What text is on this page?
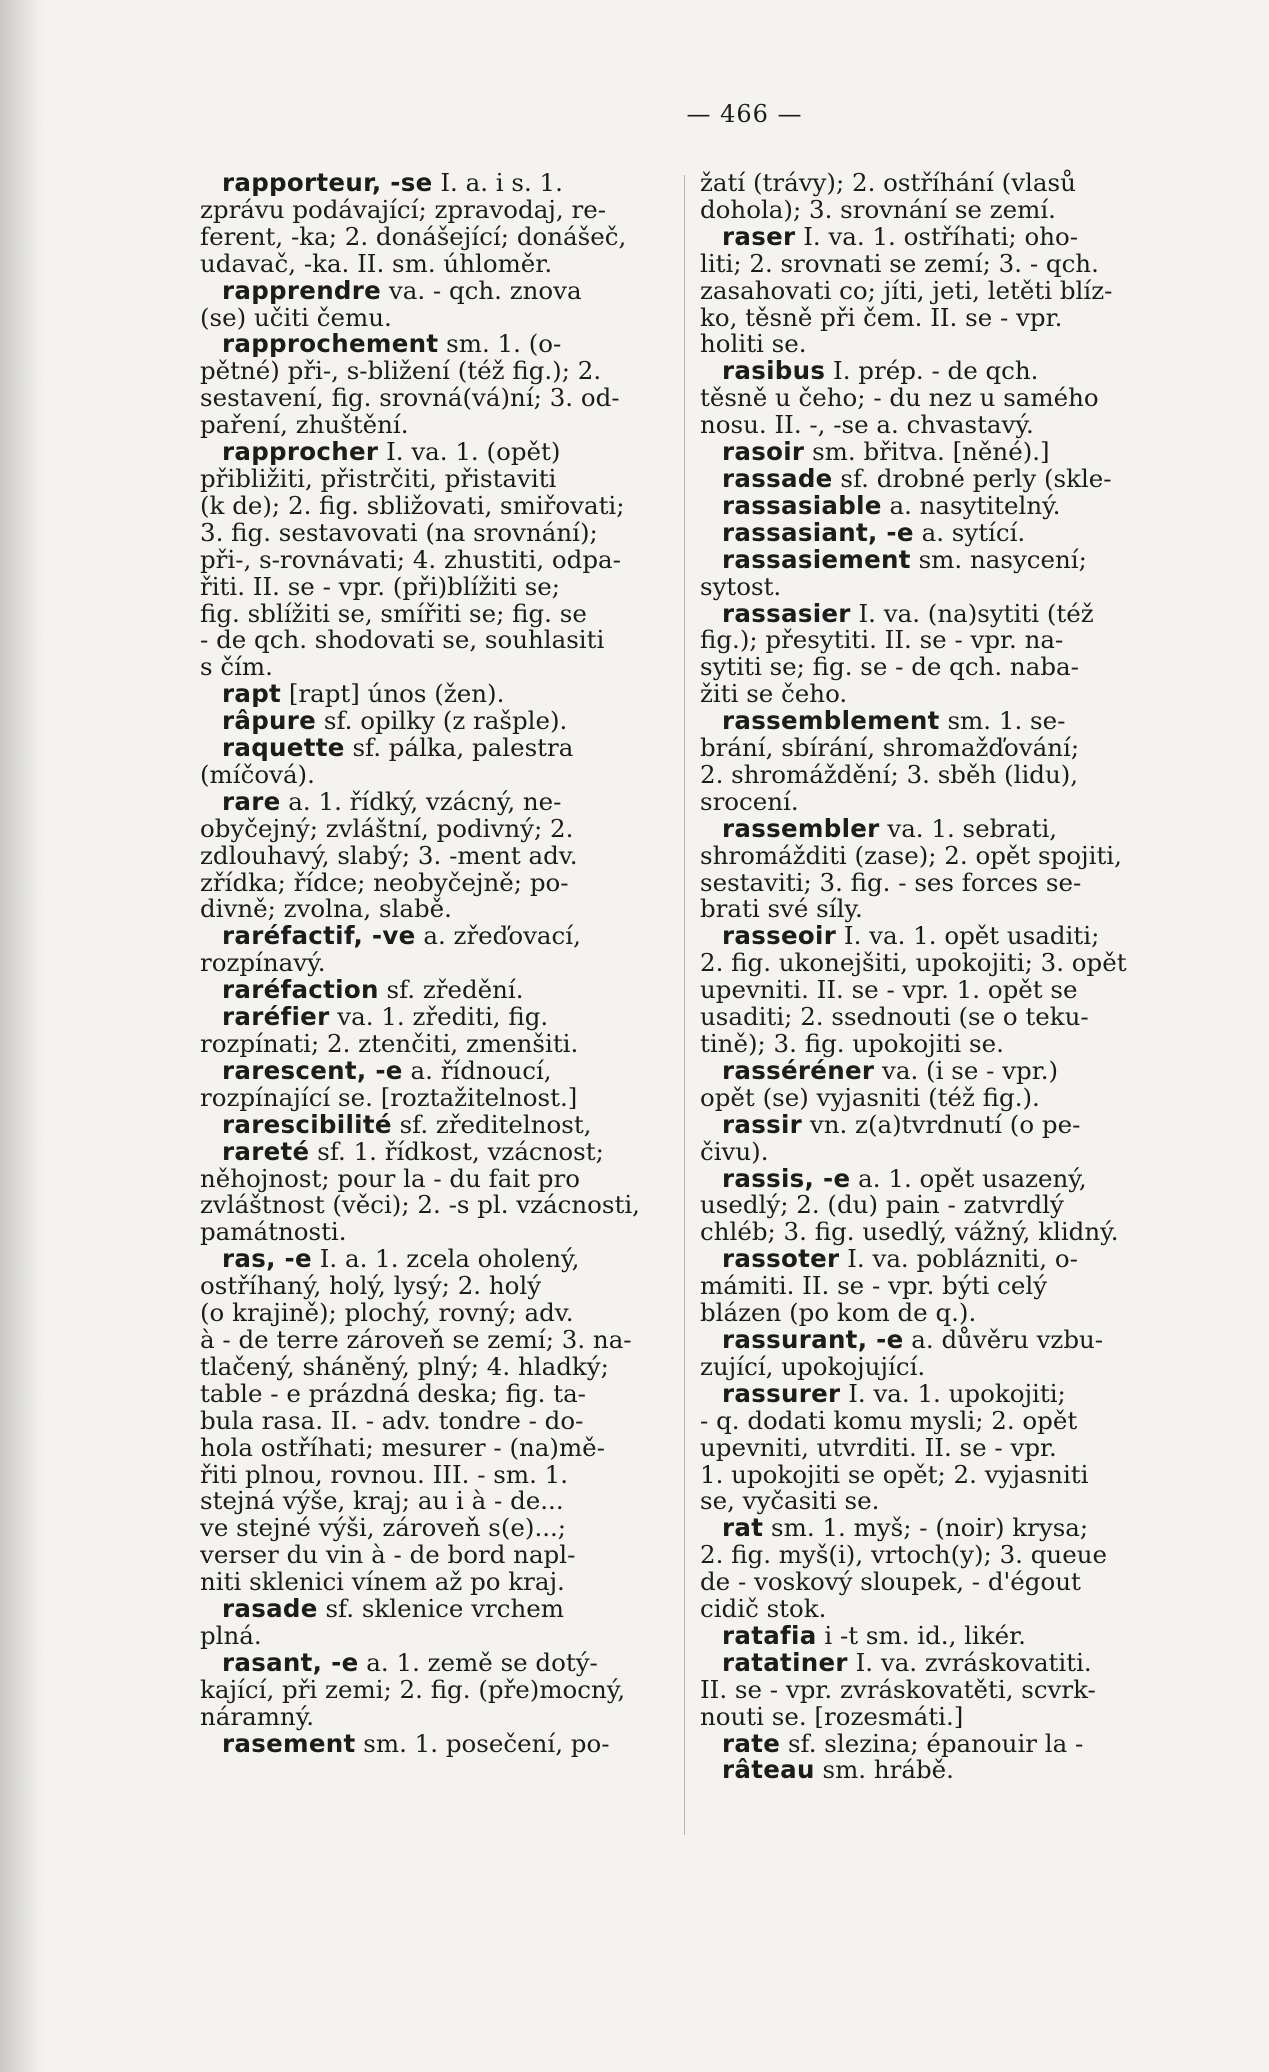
— 466 —
rapporteur, -se I. a. i s. 1.
zprávu podávající; zpravodaj, re-
ferent, -ka; 2. donášející; donášeč,
udavač, -ka. II. sm. úhloměr.
rapprendre va. - qch. znova
(se) učiti čemu.
rapprochement sm. 1. (o-
pětné) při-, s-bližení (též fig.); 2.
sestavení, fig. srovná(vá)ní; 3. od-
paření, zhuštění.
rapprocher I. va. 1. (opět)
přibližiti, přistrčiti, přistaviti
(k de); 2. fig. sbližovati, smiřovati;
3. fig. sestavovati (na srovnání);
při-, s-rovnávati; 4. zhustiti, odpa-
řiti. II. se - vpr. (při)blížiti se;
fig. sblížiti se, smířiti se; fig. se
- de qch. shodovati se, souhlasiti
s čím.
rapt [rapt] únos (žen).
râpure sf. opilky (z rašple).
raquette sf. pálka, palestra
(míčová).
rare a. 1. řídký, vzácný, ne-
obyčejný; zvláštní, podivný; 2.
zdlouhavý, slabý; 3. -ment adv.
zřídka; řídce; neobyčejně; po-
divně; zvolna, slabě.
raréfactif, -ve a. zřeďovací,
rozpínavý.
raréfaction sf. zředění.
raréfier va. 1. zřediti, fig.
rozpínati; 2. ztenčiti, zmenšiti.
rarescent, -e a. řídnoucí,
rozpínající se. [roztažitelnost.]
rarescibilité sf. zředitelnost,
rareté sf. 1. řídkost, vzácnost;
něhojnost; pour la - du fait pro
zvláštnost (věci); 2. -s pl. vzácnosti,
památnosti.
ras, -e I. a. 1. zcela oholený,
ostříhaný, holý, lysý; 2. holý
(o krajině); plochý, rovný; adv.
à - de terre zároveň se zemí; 3. na-
tlačený, sháněný, plný; 4. hladký;
table - e prázdná deska; fig. ta-
bula rasa. II. - adv. tondre - do-
hola ostříhati; mesurer - (na)mě-
řiti plnou, rovnou. III. - sm. 1.
stejná výše, kraj; au i à - de...
ve stejné výši, zároveň s(e)...;
verser du vin à - de bord napl-
niti sklenici vínem až po kraj.
rasade sf. sklenice vrchem
plná.
rasant, -e a. 1. země se dotý-
kající, při zemi; 2. fig. (pře)mocný,
náramný.
rasement sm. 1. posečení, po-
žatí (trávy); 2. ostříhání (vlasů
dohola); 3. srovnání se zemí.
raser I. va. 1. ostříhati; oho-
liti; 2. srovnati se zemí; 3. - qch.
zasahovati co; jíti, jeti, letěti blíz-
ko, těsně při čem. II. se - vpr.
holiti se.
rasibus I. prép. - de qch.
těsně u čeho; - du nez u samého
nosu. II. -, -se a. chvastavý.
rasoir sm. břitva. [něné).]
rassade sf. drobné perly (skle-
rassasiable a. nasytitelný.
rassasiant, -e a. sytící.
rassasiement sm. nasycení;
sytost.
rassasier I. va. (na)sytiti (též
fig.); přesytiti. II. se - vpr. na-
sytiti se; fig. se - de qch. naba-
žiti se čeho.
rassemblement sm. 1. se-
brání, sbírání, shromažďování;
2. shromáždění; 3. sběh (lidu),
srocení.
rassembler va. 1. sebrati,
shromážditi (zase); 2. opět spojiti,
sestaviti; 3. fig. - ses forces se-
brati své síly.
rasseoir I. va. 1. opět usaditi;
2. fig. ukonejšiti, upokojiti; 3. opět
upevniti. II. se - vpr. 1. opět se
usaditi; 2. ssednouti (se o teku-
tině); 3. fig. upokojiti se.
rasséréner va. (i se - vpr.)
opět (se) vyjasniti (též fig.).
rassir vn. z(a)tvrdnutí (o pe-
čivu).
rassis, -e a. 1. opět usazený,
usedlý; 2. (du) pain - zatvrdlý
chléb; 3. fig. usedlý, vážný, klidný.
rassoter I. va. poblázniti, o-
mámiti. II. se - vpr. býti celý
blázen (po kom de q.).
rassurant, -e a. důvěru vzbu-
zující, upokojující.
rassurer I. va. 1. upokojiti;
- q. dodati komu mysli; 2. opět
upevniti, utvrditi. II. se - vpr.
1. upokojiti se opět; 2. vyjasniti
se, vyčasiti se.
rat sm. 1. myš; - (noir) krysa;
2. fig. myš(i), vrtoch(y); 3. queue
de - voskový sloupek, - d'égout
cidič stok.
ratafia i -t sm. id., likér.
ratatiner I. va. zvráskovatiti.
II. se - vpr. zvráskovatěti, scvrk-
nouti se. [rozesmáti.]
rate sf. slezina; épanouir la -
râteau sm. hrábě.
